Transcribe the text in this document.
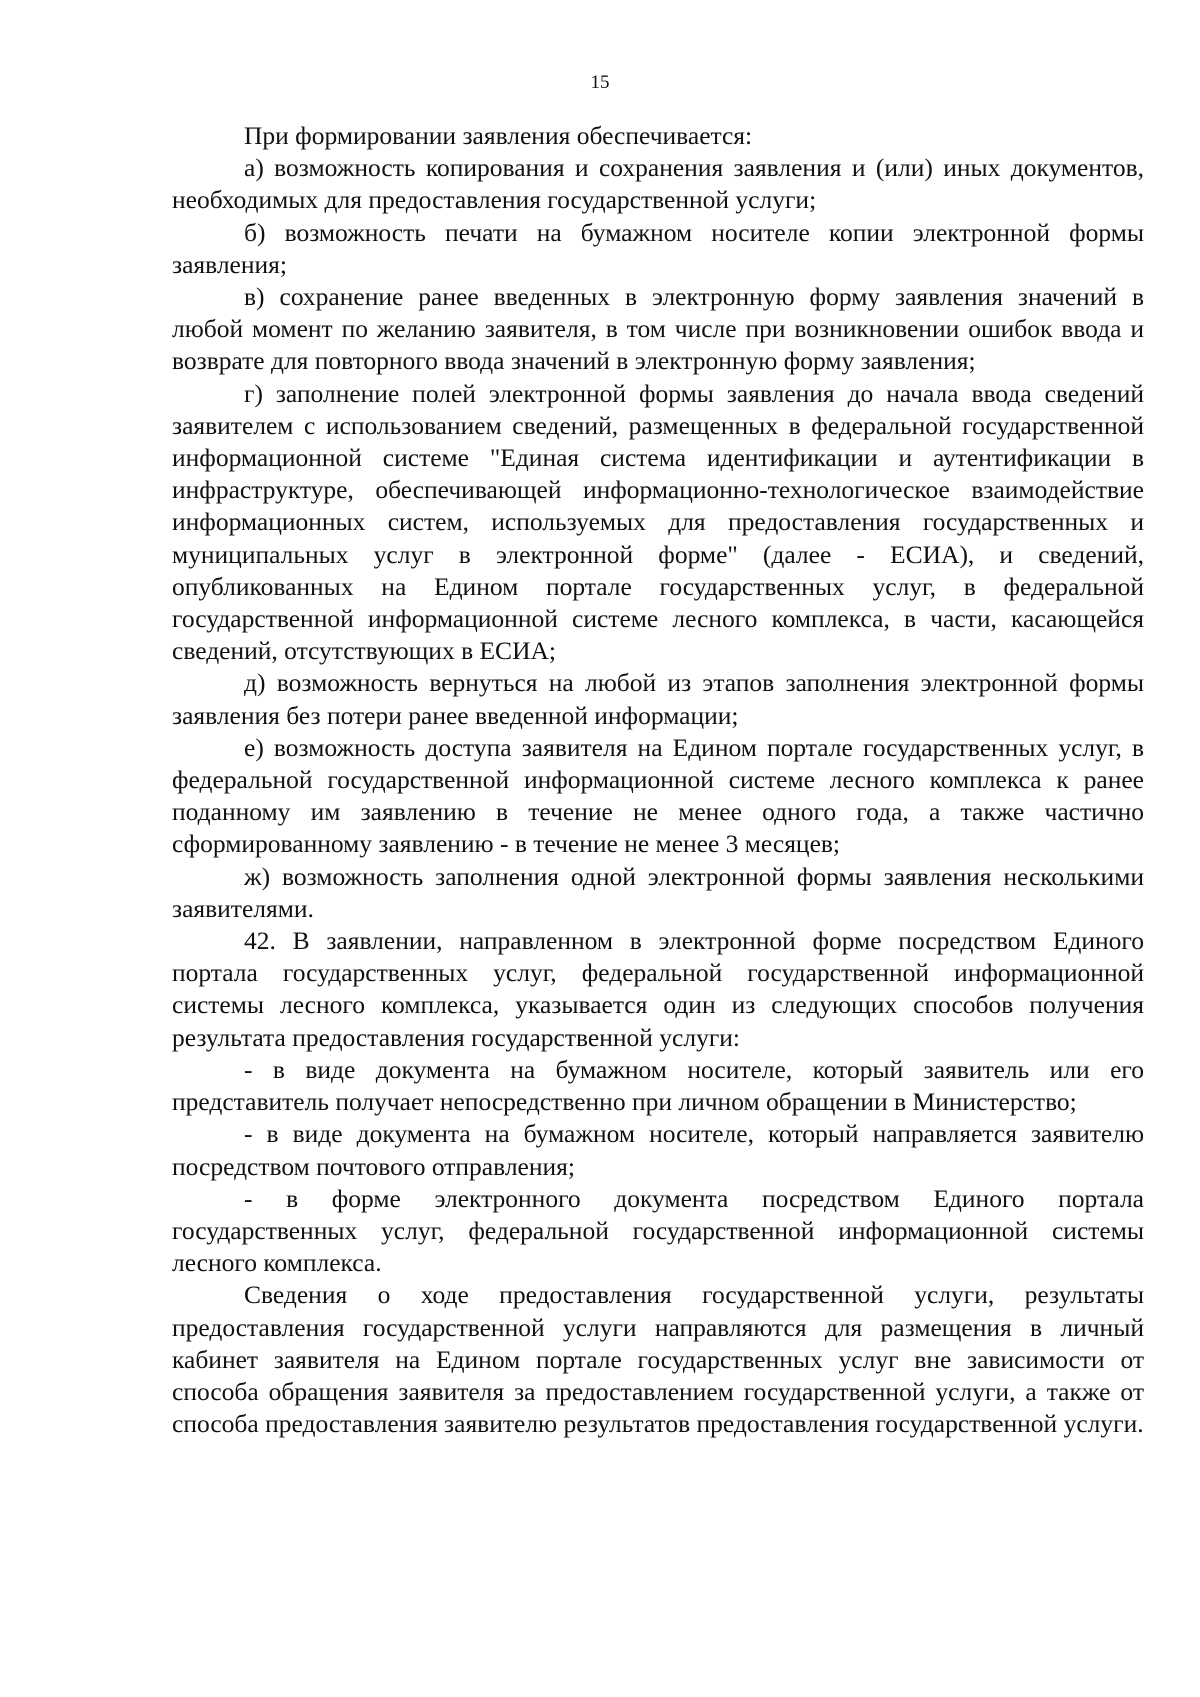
15

При формировании заявления обеспечивается:

а) возможность копирования и сохранения заявления и (или) иных документов, необходимых для предоставления государственной услуги;

б) возможность печати на бумажном носителе копии электронной формы заявления;

в) сохранение ранее введенных в электронную форму заявления значений в любой момент по желанию заявителя, в том числе при возникновении ошибок ввода и возврате для повторного ввода значений в электронную форму заявления;

г) заполнение полей электронной формы заявления до начала ввода сведений заявителем с использованием сведений, размещенных в федеральной государственной информационной системе "Единая система идентификации и аутентификации в инфраструктуре, обеспечивающей информационно-технологическое взаимодействие информационных систем, используемых для предоставления государственных и муниципальных услуг в электронной форме" (далее - ЕСИА), и сведений, опубликованных на Едином портале государственных услуг, в федеральной государственной информационной системе лесного комплекса, в части, касающейся сведений, отсутствующих в ЕСИА;

д) возможность вернуться на любой из этапов заполнения электронной формы заявления без потери ранее введенной информации;

е) возможность доступа заявителя на Едином портале государственных услуг, в федеральной государственной информационной системе лесного комплекса к ранее поданному им заявлению в течение не менее одного года, а также частично сформированному заявлению - в течение не менее 3 месяцев;

ж) возможность заполнения одной электронной формы заявления несколькими заявителями.

42. В заявлении, направленном в электронной форме посредством Единого портала государственных услуг, федеральной государственной информационной системы лесного комплекса, указывается один из следующих способов получения результата предоставления государственной услуги:

- в виде документа на бумажном носителе, который заявитель или его представитель получает непосредственно при личном обращении в Министерство;

- в виде документа на бумажном носителе, который направляется заявителю посредством почтового отправления;

- в форме электронного документа посредством Единого портала государственных услуг, федеральной государственной информационной системы лесного комплекса.

Сведения о ходе предоставления государственной услуги, результаты предоставления государственной услуги направляются для размещения в личный кабинет заявителя на Едином портале государственных услуг вне зависимости от способа обращения заявителя за предоставлением государственной услуги, а также от способа предоставления заявителю результатов предоставления государственной услуги.
